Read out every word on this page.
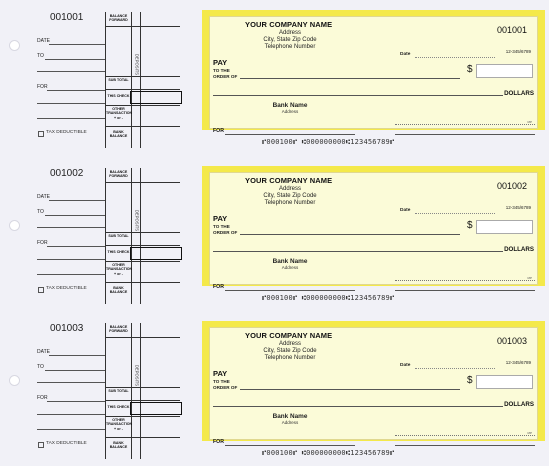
001001
DATE
TO
FOR
BALANCE FORWARD
DEPOSITS
SUB TOTAL
THIS CHECK
OTHER TRANSACTION
+ or -
BANK BALANCE
TAX DEDUCTIBLE
YOUR COMPANY NAME
Address
City, State Zip Code
Telephone Number
001001
Date
12-345/6789
PAY
TO THE
ORDER OF
$
DOLLARS
Bank Name
Address
MP
FOR
⑈000100⑈ ⑆000000000⑆123456789⑈
001002
DATE
TO
FOR
BALANCE FORWARD
DEPOSITS
SUB TOTAL
THIS CHECK
OTHER TRANSACTION
+ or -
BANK BALANCE
TAX DEDUCTIBLE
YOUR COMPANY NAME
Address
City, State Zip Code
Telephone Number
001002
Date
12-345/6789
PAY
TO THE
ORDER OF
$
DOLLARS
Bank Name
Address
MP
FOR
⑈000100⑈ ⑆000000000⑆123456789⑈
001003
DATE
TO
FOR
BALANCE FORWARD
DEPOSITS
SUB TOTAL
THIS CHECK
OTHER TRANSACTION
+ or -
BANK BALANCE
TAX DEDUCTIBLE
YOUR COMPANY NAME
Address
City, State Zip Code
Telephone Number
001003
Date
12-345/6789
PAY
TO THE
ORDER OF
$
DOLLARS
Bank Name
Address
MP
FOR
⑈000100⑈ ⑆000000000⑆123456789⑈
